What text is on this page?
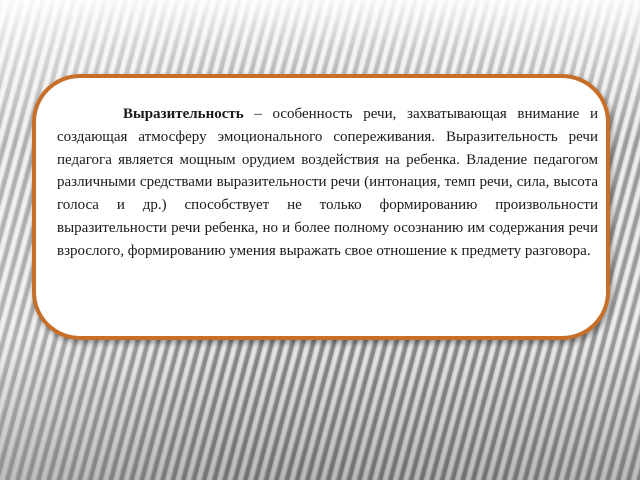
Выразительность – особенность речи, захватывающая внимание и создающая атмосферу эмоционального сопереживания. Выразительность речи педагога является мощным орудием воздействия на ребенка. Владение педагогом различными средствами выразительности речи (интонация, темп речи, сила, высота голоса и др.) способствует не только формированию произвольности выразительности речи ребенка, но и более полному осознанию им содержания речи взрослого, формированию умения выражать свое отношение к предмету разговора.
